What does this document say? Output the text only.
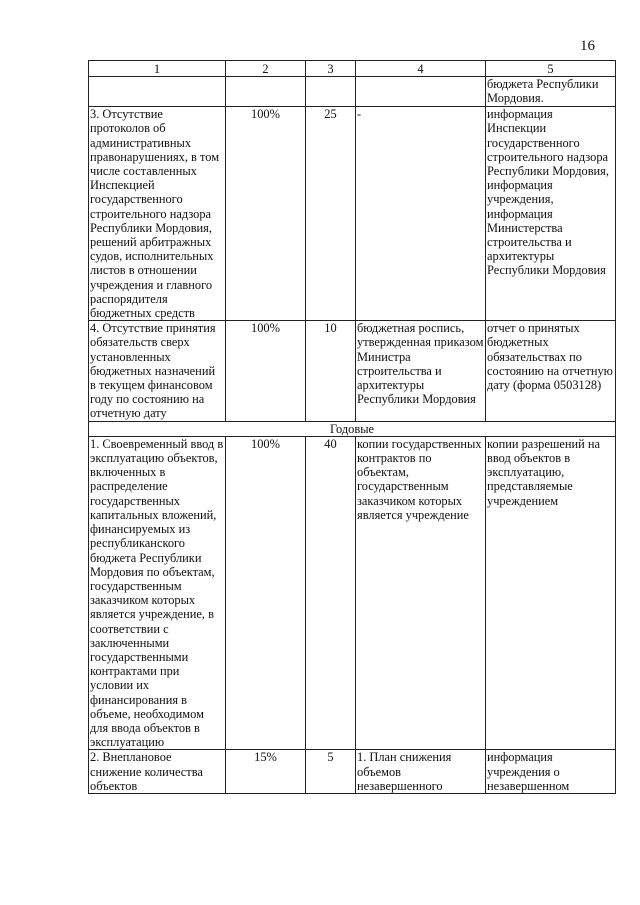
16
1	2	3	4	5
				бюджета Республики Мордовия.
3. Отсутствие протоколов об административных правонарушениях, в том числе составленных Инспекцией государственного строительного надзора Республики Мордовия, решений арбитражных судов, исполнительных листов в отношении учреждения и главного распорядителя бюджетных средств	100%	25	-	информация Инспекции государственного строительного надзора Республики Мордовия, информация учреждения, информация Министерства строительства и архитектуры Республики Мордовия
4. Отсутствие принятия обязательств сверх установленных бюджетных назначений в текущем финансовом году по состоянию на отчетную дату	100%	10	бюджетная роспись, утвержденная приказом Министра строительства и архитектуры Республики Мордовия	отчет о принятых бюджетных обязательствах по состоянию на отчетную дату (форма 0503128)
Годовые				
1. Своевременный ввод в эксплуатацию объектов, включенных в распределение государственных капитальных вложений, финансируемых из республиканского бюджета Республики Мордовия по объектам, государственным заказчиком которых является учреждение, в соответствии с заключенными государственными контрактами при условии их финансирования в объеме, необходимом для ввода объектов в эксплуатацию	100%	40	копии государственных контрактов по объектам, государственным заказчиком которых является учреждение	копии разрешений на ввод объектов в эксплуатацию, представляемые учреждением
2. Внеплановое снижение количества объектов	15%	5	1. План снижения объемов незавершенного	информация учреждения о незавершенном
